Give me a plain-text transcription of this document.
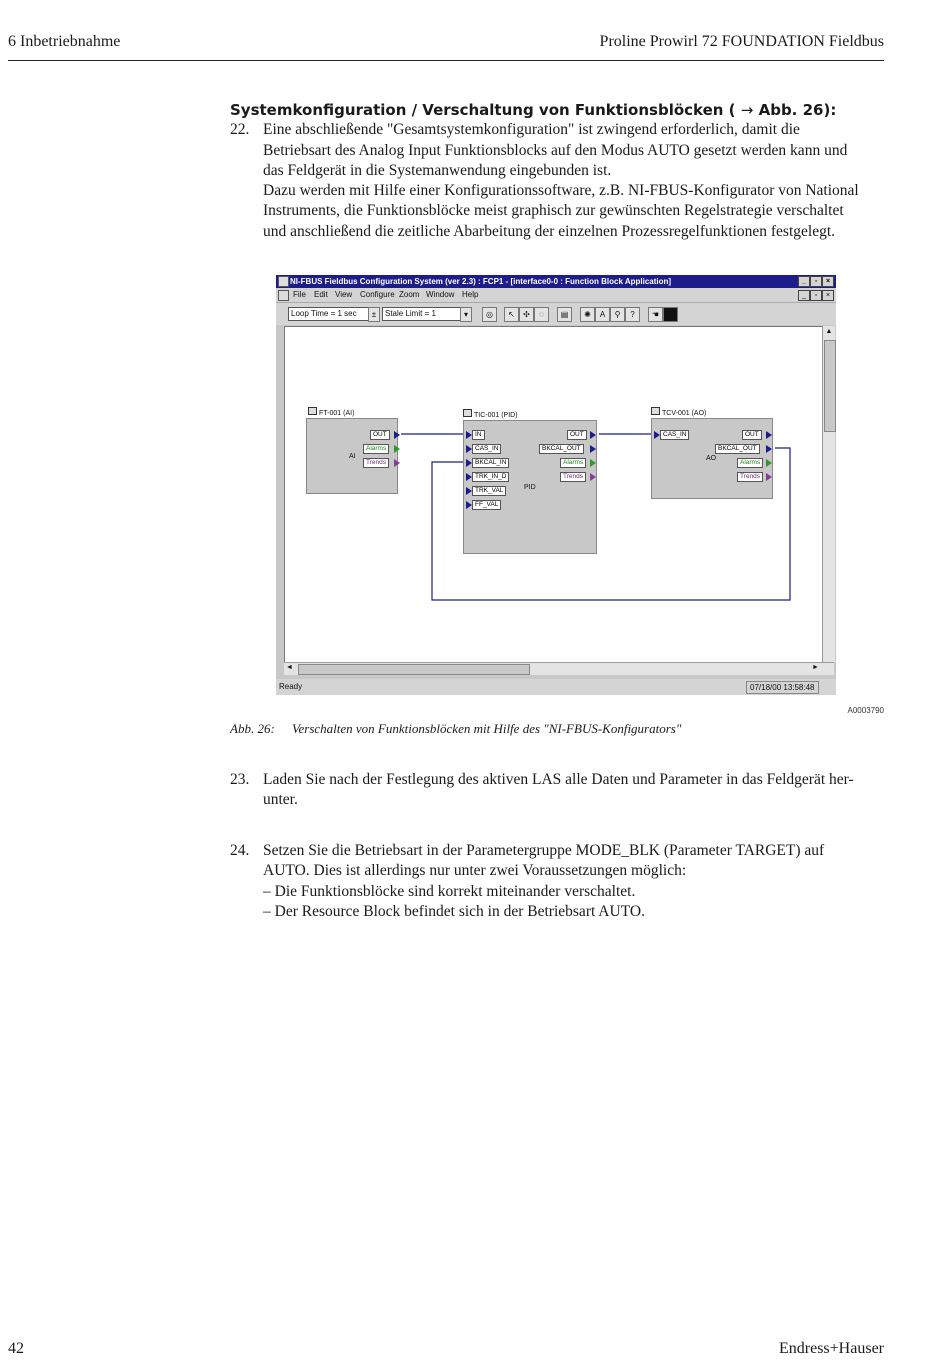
6 Inbetriebnahme	Proline Prowirl 72 FOUNDATION Fieldbus
Systemkonfiguration / Verschaltung von Funktionsblöcken ( → Abb. 26):
22. Eine abschließende "Gesamtsystemkonfiguration" ist zwingend erforderlich, damit die
Betriebsart des Analog Input Funktionsblocks auf den Modus AUTO gesetzt werden kann und
das Feldgerät in die Systemanwendung eingebunden ist.
Dazu werden mit Hilfe einer Konfigurationssoftware, z.B. NI-FBUS-Konfigurator von National
Instruments, die Funktionsblöcke meist graphisch zur gewünschten Regelstrategie verschaltet
und anschließend die zeitliche Abarbeitung der einzelnen Prozessregelfunktionen festgelegt.
NI-FBUS Fieldbus Configuration System (ver 2.3) : FCP1 - [interface0-0 : Function Block Application]	_	▫	×
File Edit View Configure Zoom Window Help	_	▫	×
Loop Time = 1 sec	±	Stale Limit = 1	▾	◎	↖	✣	◌	▤	✺	A	⚲	?	☚
FT-001 (AI)
AI
OUT
Alarms
Trends
TIC-001 (PID)
IN
CAS_IN
BKCAL_IN
TRK_IN_D
TRK_VAL
FF_VAL
PID
OUT
BKCAL_OUT
Alarms
Trends
TCV-001 (AO)
CAS_IN
AO
OUT
BKCAL_OUT
Alarms
Trends
▲
◄	►
Ready	07/18/00 13:58:48
A0003790
Abb. 26: Verschalten von Funktionsblöcken mit Hilfe des "NI-FBUS-Konfigurators"
23. Laden Sie nach der Festlegung des aktiven LAS alle Daten und Parameter in das Feldgerät her-
unter.
24. Setzen Sie die Betriebsart in der Parametergruppe MODE_BLK (Parameter TARGET) auf
AUTO. Dies ist allerdings nur unter zwei Voraussetzungen möglich:
– Die Funktionsblöcke sind korrekt miteinander verschaltet.
– Der Resource Block befindet sich in der Betriebsart AUTO.
42	Endress+Hauser
